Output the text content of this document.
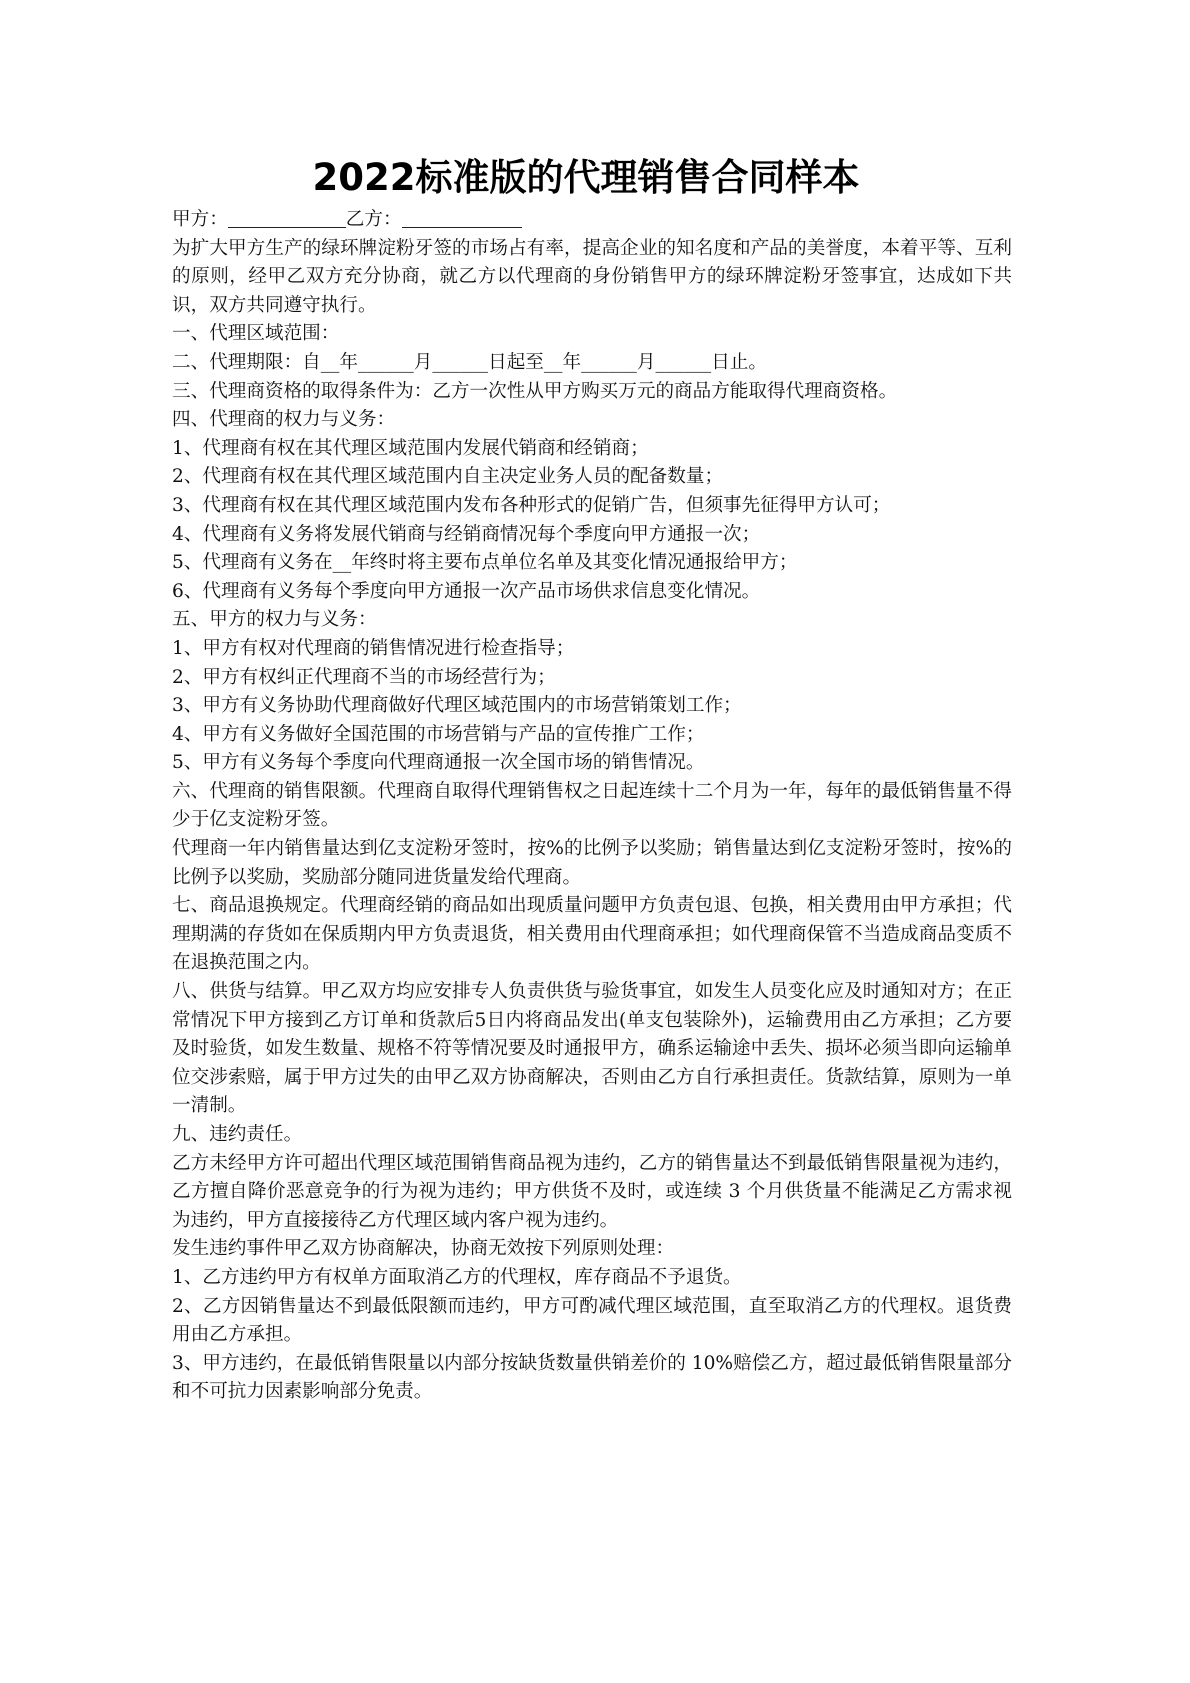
2022标准版的代理销售合同样本
甲方：	乙方：

为扩大甲方生产的绿环牌淀粉牙签的市场占有率，提高企业的知名度和产品的美誉度，本着平等、互利的原则，经甲乙双方充分协商，就乙方以代理商的身份销售甲方的绿环牌淀粉牙签事宜，达成如下共识，双方共同遵守执行。

一、代理区域范围：

二、代理期限：自__年______月______日起至__年______月______日止。

三、代理商资格的取得条件为：乙方一次性从甲方购买万元的商品方能取得代理商资格。

四、代理商的权力与义务：

1、代理商有权在其代理区域范围内发展代销商和经销商；

2、代理商有权在其代理区域范围内自主决定业务人员的配备数量；

3、代理商有权在其代理区域范围内发布各种形式的促销广告，但须事先征得甲方认可；

4、代理商有义务将发展代销商与经销商情况每个季度向甲方通报一次；

5、代理商有义务在__年终时将主要布点单位名单及其变化情况通报给甲方；

6、代理商有义务每个季度向甲方通报一次产品市场供求信息变化情况。

五、甲方的权力与义务：

1、甲方有权对代理商的销售情况进行检查指导；

2、甲方有权纠正代理商不当的市场经营行为；

3、甲方有义务协助代理商做好代理区域范围内的市场营销策划工作；

4、甲方有义务做好全国范围的市场营销与产品的宣传推广工作；

5、甲方有义务每个季度向代理商通报一次全国市场的销售情况。

六、代理商的销售限额。代理商自取得代理销售权之日起连续十二个月为一年，每年的最低销售量不得少于亿支淀粉牙签。

代理商一年内销售量达到亿支淀粉牙签时，按%的比例予以奖励；销售量达到亿支淀粉牙签时，按%的比例予以奖励，奖励部分随同进货量发给代理商。

七、商品退换规定。代理商经销的商品如出现质量问题甲方负责包退、包换，相关费用由甲方承担；代理期满的存货如在保质期内甲方负责退货，相关费用由代理商承担；如代理商保管不当造成商品变质不在退换范围之内。

八、供货与结算。甲乙双方均应安排专人负责供货与验货事宜，如发生人员变化应及时通知对方；在正常情况下甲方接到乙方订单和货款后5日内将商品发出(单支包装除外)，运输费用由乙方承担；乙方要及时验货，如发生数量、规格不符等情况要及时通报甲方，确系运输途中丢失、损坏必须当即向运输单位交涉索赔，属于甲方过失的由甲乙双方协商解决，否则由乙方自行承担责任。货款结算，原则为一单一清制。

九、违约责任。

乙方未经甲方许可超出代理区域范围销售商品视为违约，乙方的销售量达不到最低销售限量视为违约，乙方擅自降价恶意竞争的行为视为违约；甲方供货不及时，或连续 3 个月供货量不能满足乙方需求视为违约，甲方直接接待乙方代理区域内客户视为违约。

发生违约事件甲乙双方协商解决，协商无效按下列原则处理：

1、乙方违约甲方有权单方面取消乙方的代理权，库存商品不予退货。

2、乙方因销售量达不到最低限额而违约，甲方可酌减代理区域范围，直至取消乙方的代理权。退货费用由乙方承担。

3、甲方违约，在最低销售限量以内部分按缺货数量供销差价的 10%赔偿乙方，超过最低销售限量部分和不可抗力因素影响部分免责。
